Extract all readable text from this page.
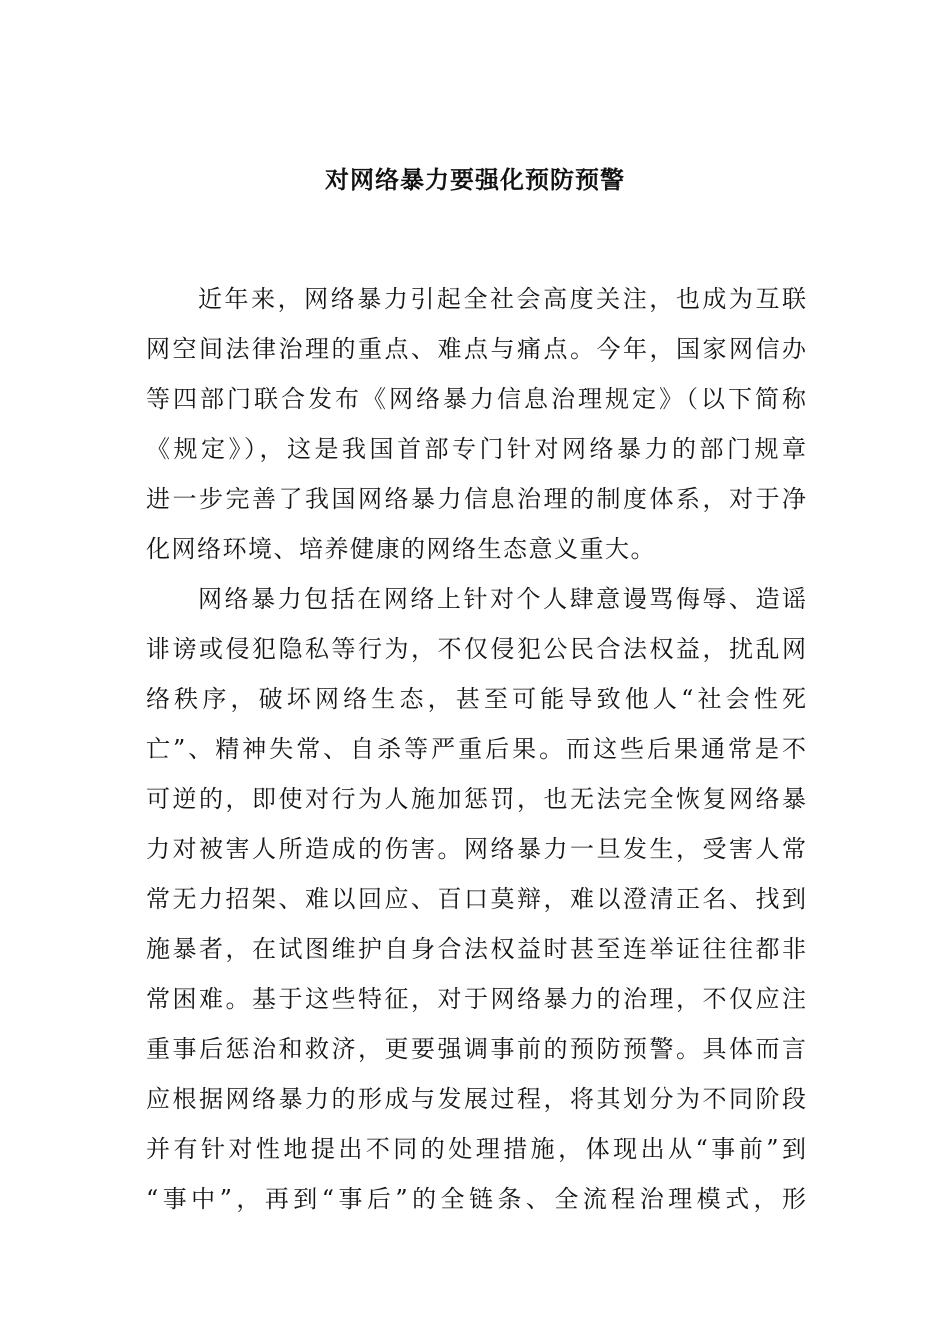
对网络暴力要强化预防预警
近年来，网络暴力引起全社会高度关注，也成为互联
网空间法律治理的重点、难点与痛点。今年，国家网信办
等四部门联合发布《网络暴力信息治理规定》（以下简称
《规定》），这是我国首部专门针对网络暴力的部门规章
进一步完善了我国网络暴力信息治理的制度体系，对于净
化网络环境、培养健康的网络生态意义重大。
网络暴力包括在网络上针对个人肆意谩骂侮辱、造谣
诽谤或侵犯隐私等行为，不仅侵犯公民合法权益，扰乱网
络秩序，破坏网络生态，甚至可能导致他人“社会性死
亡”、精神失常、自杀等严重后果。而这些后果通常是不
可逆的，即使对行为人施加惩罚，也无法完全恢复网络暴
力对被害人所造成的伤害。网络暴力一旦发生，受害人常
常无力招架、难以回应、百口莫辩，难以澄清正名、找到
施暴者，在试图维护自身合法权益时甚至连举证往往都非
常困难。基于这些特征，对于网络暴力的治理，不仅应注
重事后惩治和救济，更要强调事前的预防预警。具体而言
应根据网络暴力的形成与发展过程，将其划分为不同阶段
并有针对性地提出不同的处理措施，体现出从“事前”到
“事中”，再到“事后”的全链条、全流程治理模式，形
